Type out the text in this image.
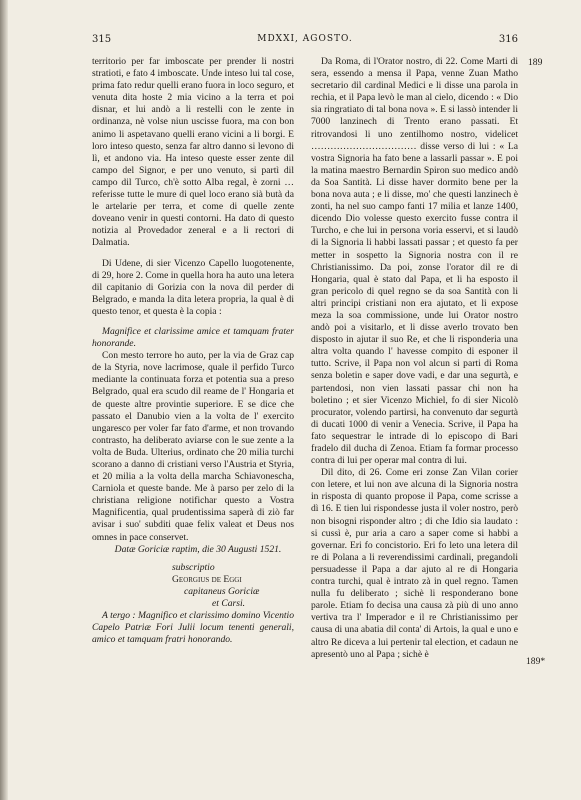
315	MDXXI, AGOSTO.	316
189
189*

territorio per far imboscate per prender li nostri stratioti, e fato 4 imboscate. Unde inteso lui tal cose, prima fato redur quelli erano fuora in loco seguro, et venuta dita hoste 2 mia vicino a la terra et poi disnar, et lui andò a li restelli con le zente in ordinanza, nè volse niun uscisse fuora, ma con bon animo li aspetavano quelli erano vicini a li borgi. E loro inteso questo, senza far altro danno si levono di lì, et andono via. Ha inteso queste esser zente dil campo del Signor, e per uno venuto, si partì dil campo dil Turco, ch'è sotto Alba regal, è zorni … referisse tutte le mure di quel loco erano sià butà da le artelarie per terra, et come di quelle zente doveano venir in questi contorni. Ha dato di questo notizia al Provedador zeneral e a li rectori di Dalmatia.

Di Udene, di sier Vicenzo Capello luogotenente, di 29, hore 2. Come in quella hora ha auto una letera dil capitanio di Gorizia con la nova dil perder di Belgrado, e manda la dita letera propria, la qual è di questo tenor, et questa è la copia :

Magnifice et clarissime amice et tamquam frater honorande.

Con mesto terrore ho auto, per la via de Graz cap de la Styria, nove lacrimose, quale il perfido Turco mediante la continuata forza et potentia sua a preso Belgrado, qual era scudo dil reame de l' Hongaria et de queste altre provintie superiore. E se dice che passato el Danubio vien a la volta de l' exercito ungaresco per voler far fato d'arme, et non trovando contrasto, ha deliberato aviarse con le sue zente a la volta de Buda. Ulterius, ordinato che 20 milia turchi scorano a danno di cristiani verso l'Austria et Styria, et 20 milia a la volta della marcha Schiavonescha, Carniola et queste bande. Me à parso per zelo di la christiana religione notifichar questo a Vostra Magnificentia, qual prudentissima saperà di ziò far avisar i suo' subditi quae felix valeat et Deus nos omnes in pace conservet.

Datæ Goriciæ raptim, die 30 Augusti 1521.

subscriptio
Georgius de Eggi
capitaneus Goriciæ
et Carsi.

A tergo : Magnifico et clarissimo domino Vicentio Capelo Patriæ Fori Julii locum tenenti generali, amico et tamquam fratri honorando.

Da Roma, di l'Orator nostro, di 22. Come Marti di sera, essendo a mensa il Papa, venne Zuan Matho secretario dil cardinal Medici e li disse una parola in rechia, et il Papa levò le man al cielo, dicendo : « Dio sia ringratiato di tal bona nova ». E si lassò intender li 7000 lanzinech di Trento erano passati. Et ritrovandosi li uno zentilhomo nostro, videlicet …………………………… disse verso di lui : « La vostra Signoria ha fato bene a lassarli passar ». E poi la matina maestro Bernardin Spiron suo medico andò da Soa Santità. Li disse haver dormito bene per la bona nova auta ; e li disse, mo' che questi lanzinech è zonti, ha nel suo campo fanti 17 milia et lanze 1400, dicendo Dio volesse questo exercito fusse contra il Turcho, e che lui in persona voria esservi, et si laudò di la Signoria li habbi lassati passar ; et questo fa per metter in sospetto la Signoria nostra con il re Christianissimo. Da poi, zonse l'orator dil re di Hongaria, qual è stato dal Papa, et li ha esposto il gran pericolo di quel regno se da soa Santità con li altri principi cristiani non era ajutato, et li expose meza la soa commissione, unde lui Orator nostro andò poi a visitarlo, et li disse averlo trovato ben disposto in ajutar il suo Re, et che li risponderia una altra volta quando l' havesse compito di esponer il tutto. Scrive, il Papa non vol alcun si parti di Roma senza boletin e saper dove vadi, e dar una segurtà, e partendosi, non vien lassati passar chi non ha boletino ; et sier Vicenzo Michiel, fo di sier Nicolò procurator, volendo partirsi, ha convenuto dar segurtà di ducati 1000 di venir a Venecia. Scrive, il Papa ha fato sequestrar le intrade di lo episcopo di Bari fradelo dil ducha di Zenoa. Etiam fa formar processo contra di lui per operar mal contra di lui.

Dil dito, di 26. Come eri zonse Zan Vilan corier con letere, et lui non ave alcuna di la Signoria nostra in risposta di quanto propose il Papa, come scrisse a dì 16. E tien lui rispondesse justa il voler nostro, però non bisogni risponder altro ; di che Idio sia laudato : si cussì è, pur aria a caro a saper come si habbi a governar. Eri fo concistorio. Eri fo leto una letera dil re di Polana a li reverendissimi cardinali, pregandoli persuadesse il Papa a dar ajuto al re di Hongaria contra turchi, qual è intrato zà in quel regno. Tamen nulla fu deliberato ; sichè li responderano bone parole. Etiam fo decisa una causa zà più di uno anno vertiva tra l' Imperador e il re Christianissimo per causa di una abatia dil conta' di Artois, la qual e uno e altro Re diceva a lui pertenir tal election, et cadaun ne apresentò uno al Papa ; sichè è
